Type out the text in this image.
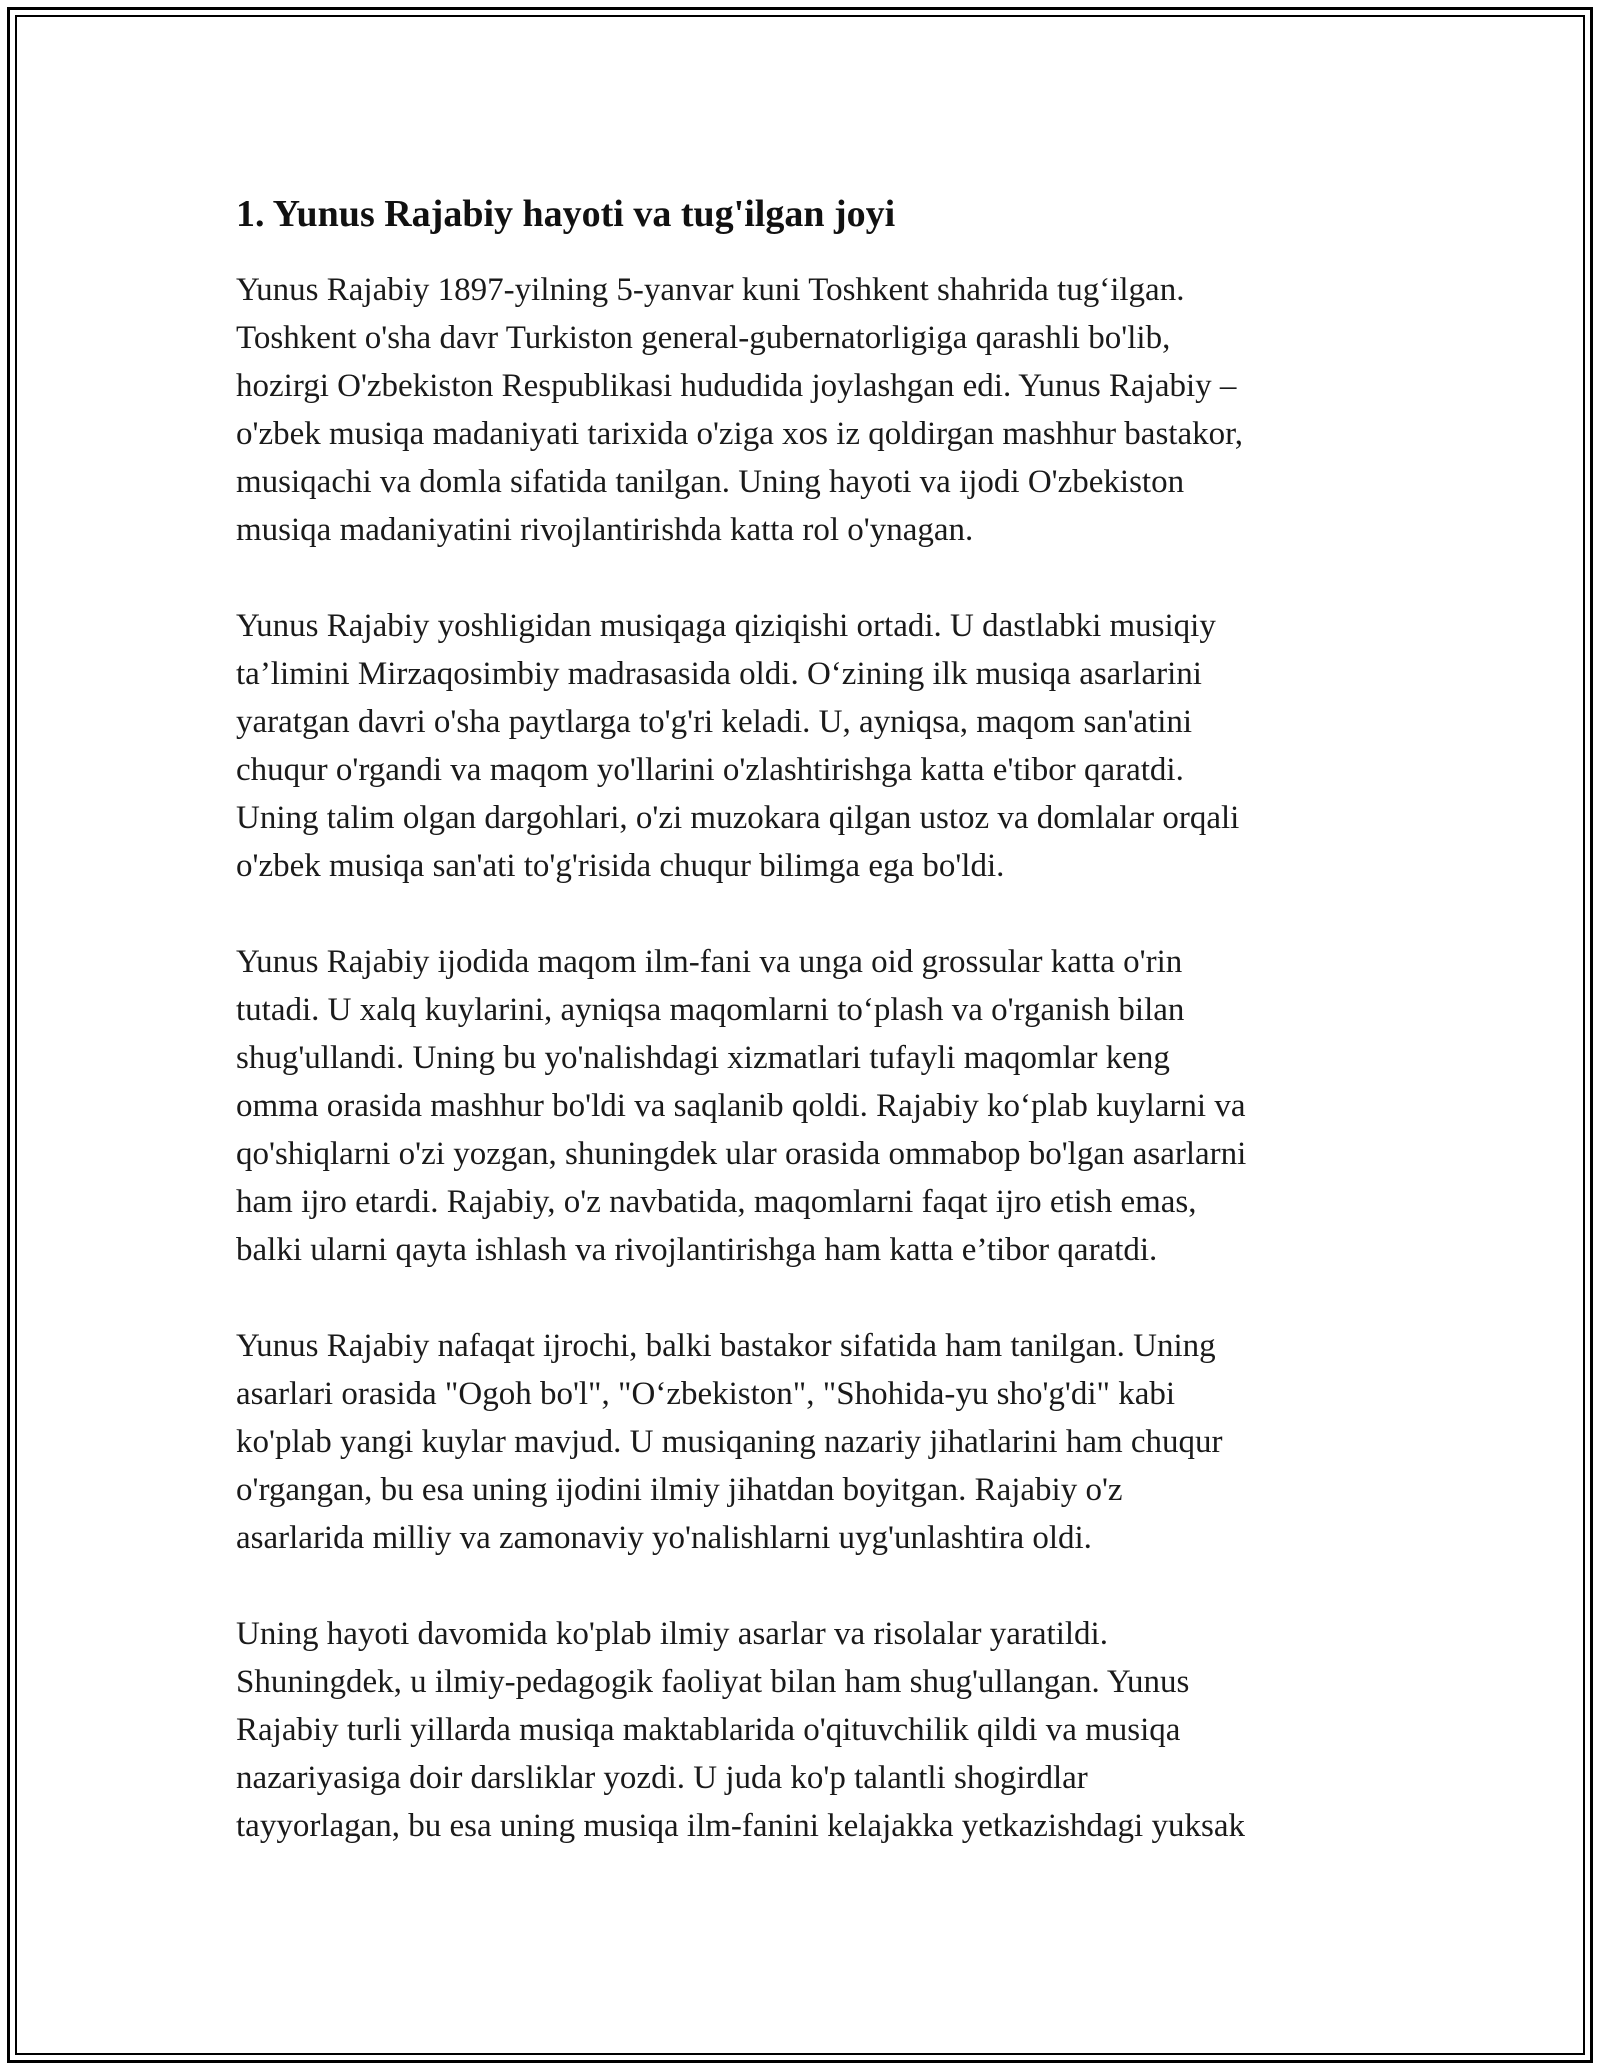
1. Yunus Rajabiy hayoti va tug'ilgan joyi

Yunus Rajabiy 1897-yilning 5-yanvar kuni Toshkent shahrida tug‘ilgan.
Toshkent o'sha davr Turkiston general-gubernatorligiga qarashli bo'lib,
hozirgi O'zbekiston Respublikasi hududida joylashgan edi. Yunus Rajabiy –
o'zbek musiqa madaniyati tarixida o'ziga xos iz qoldirgan mashhur bastakor,
musiqachi va domla sifatida tanilgan. Uning hayoti va ijodi O'zbekiston
musiqa madaniyatini rivojlantirishda katta rol o'ynagan.

Yunus Rajabiy yoshligidan musiqaga qiziqishi ortadi. U dastlabki musiqiy
ta’limini Mirzaqosimbiy madrasasida oldi. O‘zining ilk musiqa asarlarini
yaratgan davri o'sha paytlarga to'g'ri keladi. U, ayniqsa, maqom san'atini
chuqur o'rgandi va maqom yo'llarini o'zlashtirishga katta e'tibor qaratdi.
Uning talim olgan dargohlari, o'zi muzokara qilgan ustoz va domlalar orqali
o'zbek musiqa san'ati to'g'risida chuqur bilimga ega bo'ldi.

Yunus Rajabiy ijodida maqom ilm-fani va unga oid grossular katta o'rin
tutadi. U xalq kuylarini, ayniqsa maqomlarni to‘plash va o'rganish bilan
shug'ullandi. Uning bu yo'nalishdagi xizmatlari tufayli maqomlar keng
omma orasida mashhur bo'ldi va saqlanib qoldi. Rajabiy ko‘plab kuylarni va
qo'shiqlarni o'zi yozgan, shuningdek ular orasida ommabop bo'lgan asarlarni
ham ijro etardi. Rajabiy, o'z navbatida, maqomlarni faqat ijro etish emas,
balki ularni qayta ishlash va rivojlantirishga ham katta e’tibor qaratdi.

Yunus Rajabiy nafaqat ijrochi, balki bastakor sifatida ham tanilgan. Uning
asarlari orasida "Ogoh bo'l", "O‘zbekiston", "Shohida-yu sho'g'di" kabi
ko'plab yangi kuylar mavjud. U musiqaning nazariy jihatlarini ham chuqur
o'rgangan, bu esa uning ijodini ilmiy jihatdan boyitgan. Rajabiy o'z
asarlarida milliy va zamonaviy yo'nalishlarni uyg'unlashtira oldi.

Uning hayoti davomida ko'plab ilmiy asarlar va risolalar yaratildi.
Shuningdek, u ilmiy-pedagogik faoliyat bilan ham shug'ullangan. Yunus
Rajabiy turli yillarda musiqa maktablarida o'qituvchilik qildi va musiqa
nazariyasiga doir darsliklar yozdi. U juda ko'p talantli shogirdlar
tayyorlagan, bu esa uning musiqa ilm-fanini kelajakka yetkazishdagi yuksak
